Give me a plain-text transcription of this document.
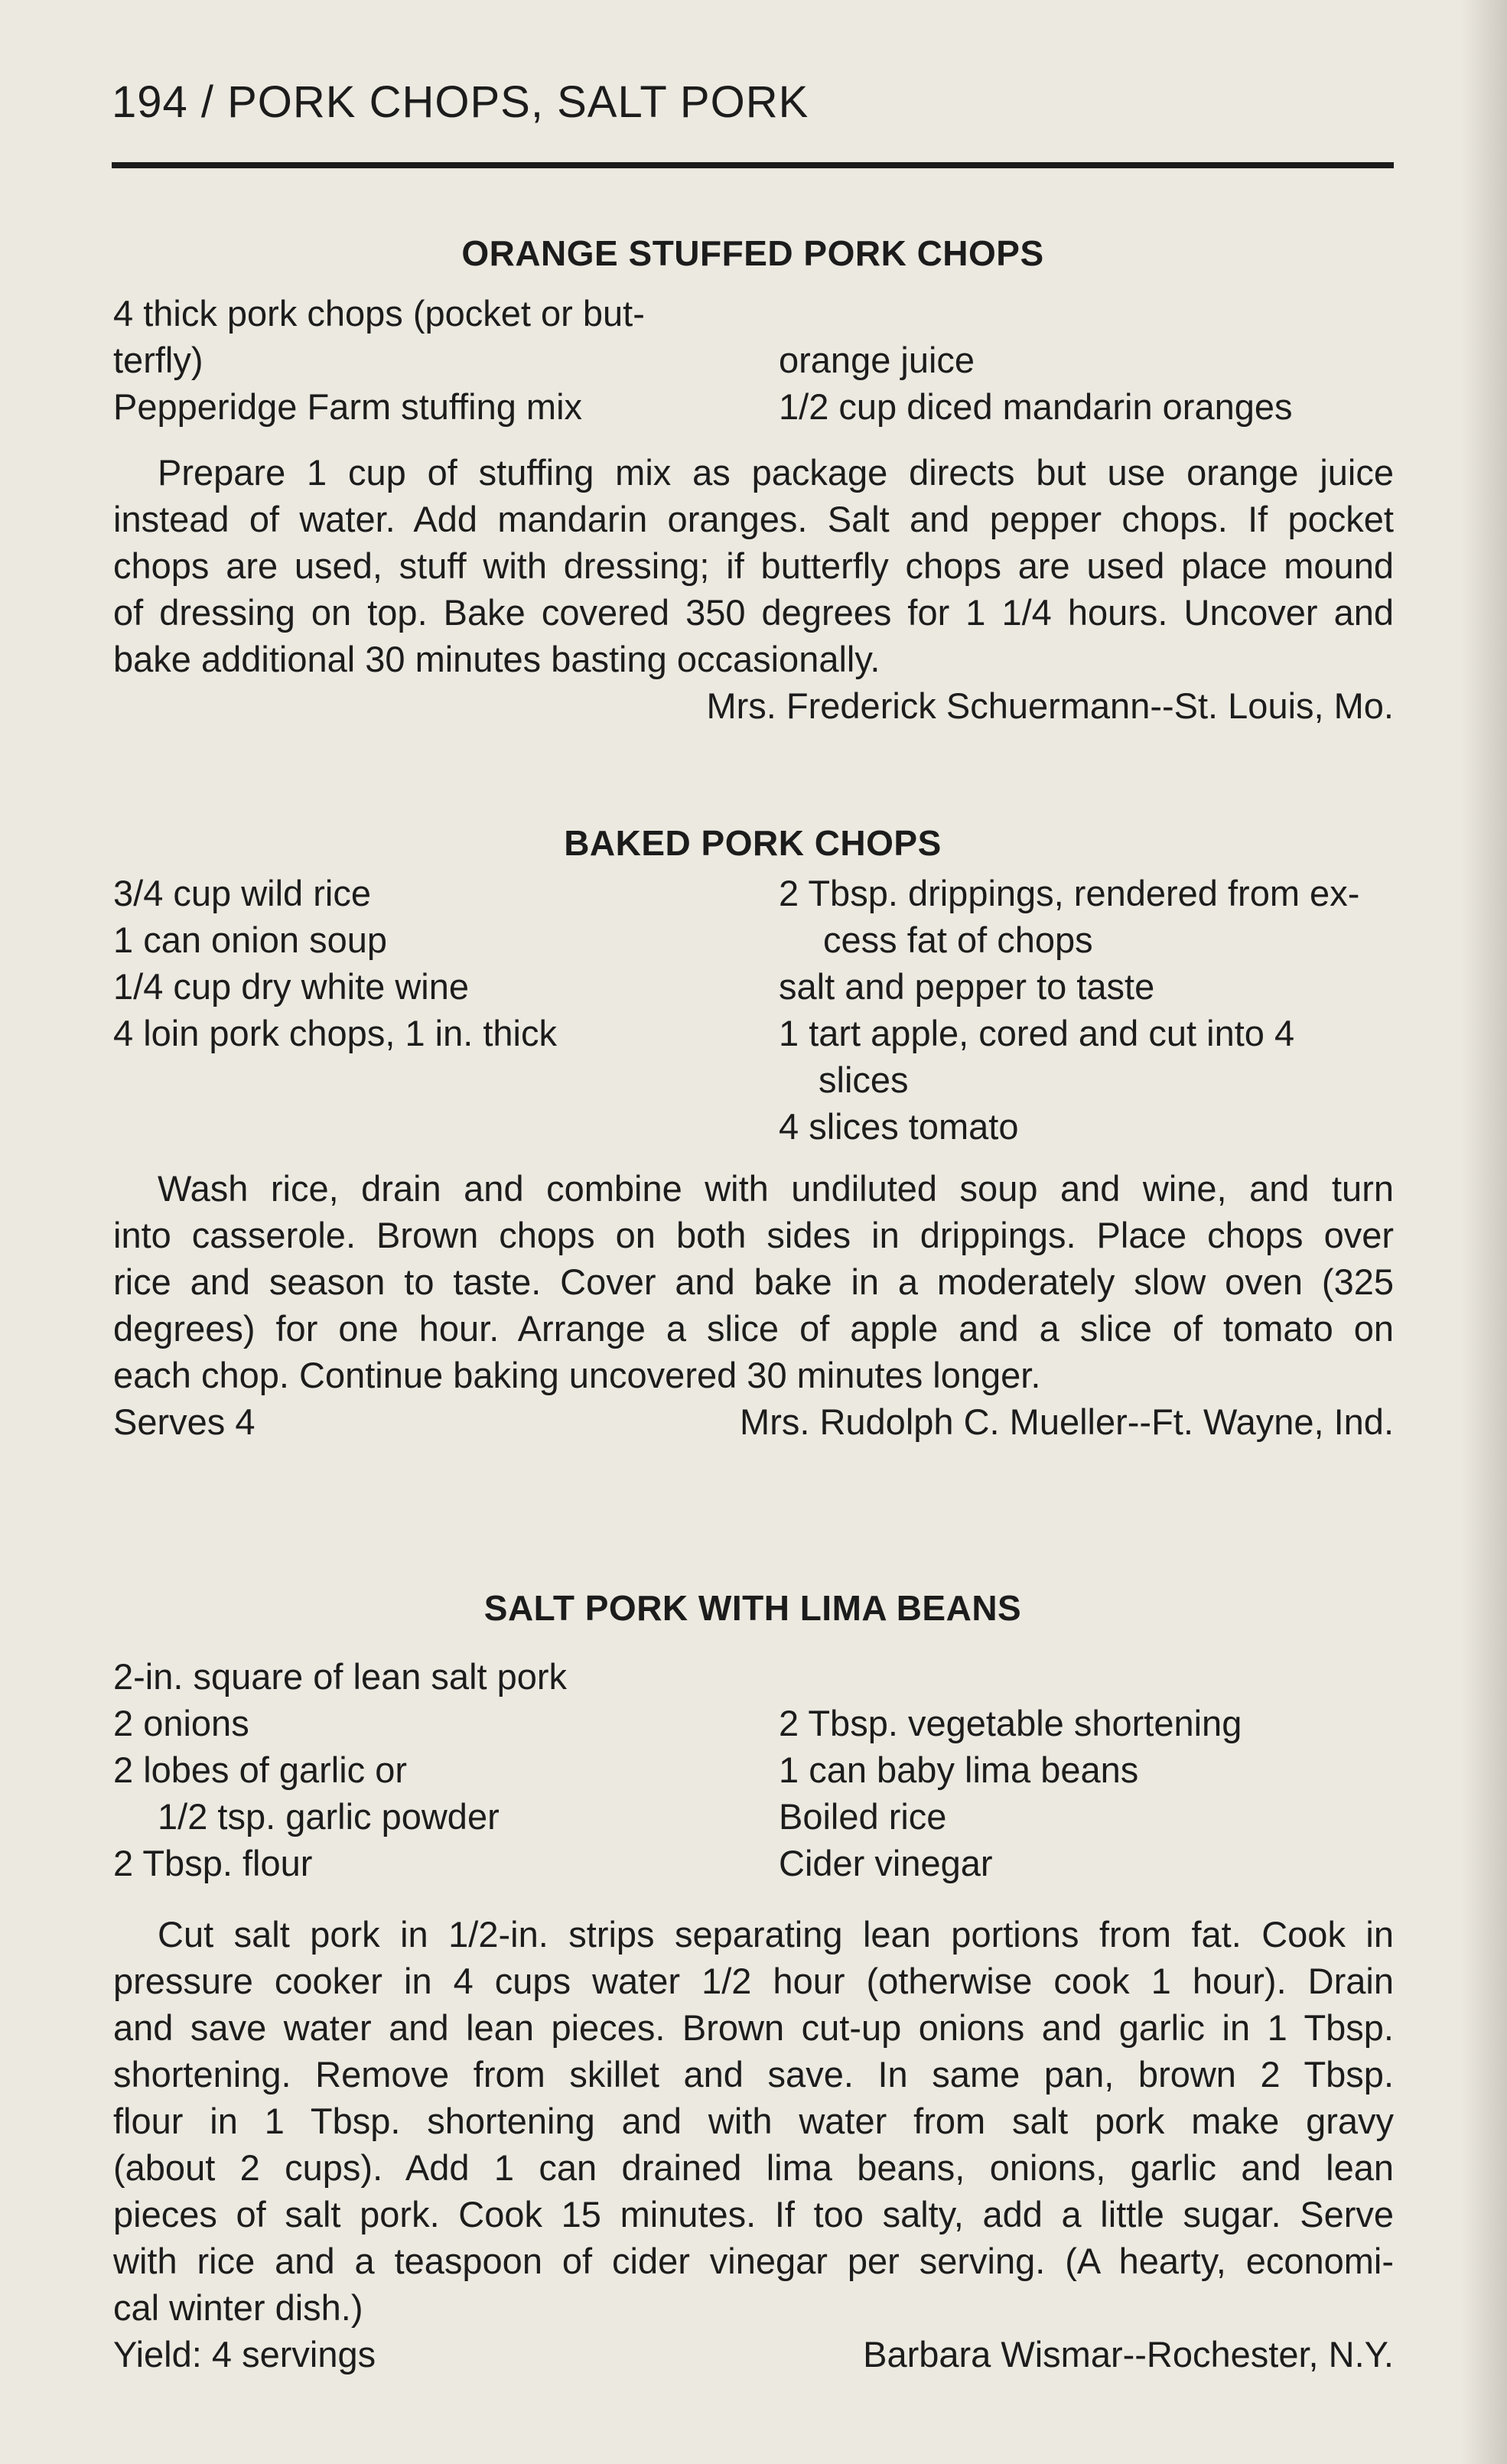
194 / PORK CHOPS, SALT PORK
ORANGE STUFFED PORK CHOPS
4 thick pork chops (pocket or but-
terfly)
Pepperidge Farm stuffing mix
orange juice
1/2 cup diced mandarin oranges
Prepare 1 cup of stuffing mix as package directs but use orange juice
instead of water. Add mandarin oranges. Salt and pepper chops. If pocket
chops are used, stuff with dressing; if butterfly chops are used place mound
of dressing on top. Bake covered 350 degrees for 1 1/4 hours. Uncover and
bake additional 30 minutes basting occasionally.
Mrs. Frederick Schuermann--St. Louis, Mo.
BAKED PORK CHOPS
3/4 cup wild rice
1 can onion soup
1/4 cup dry white wine
4 loin pork chops, 1 in. thick
2 Tbsp. drippings, rendered from ex-
cess fat of chops
salt and pepper to taste
1 tart apple, cored and cut into 4
slices
4 slices tomato
Wash rice, drain and combine with undiluted soup and wine, and turn
into casserole. Brown chops on both sides in drippings. Place chops over
rice and season to taste. Cover and bake in a moderately slow oven (325
degrees) for one hour. Arrange a slice of apple and a slice of tomato on
each chop. Continue baking uncovered 30 minutes longer.
Serves 4	Mrs. Rudolph C. Mueller--Ft. Wayne, Ind.
SALT PORK WITH LIMA BEANS
2-in. square of lean salt pork
2 onions
2 lobes of garlic or
1/2 tsp. garlic powder
2 Tbsp. flour
2 Tbsp. vegetable shortening
1 can baby lima beans
Boiled rice
Cider vinegar
Cut salt pork in 1/2-in. strips separating lean portions from fat. Cook in
pressure cooker in 4 cups water 1/2 hour (otherwise cook 1 hour). Drain
and save water and lean pieces. Brown cut-up onions and garlic in 1 Tbsp.
shortening. Remove from skillet and save. In same pan, brown 2 Tbsp.
flour in 1 Tbsp. shortening and with water from salt pork make gravy
(about 2 cups). Add 1 can drained lima beans, onions, garlic and lean
pieces of salt pork. Cook 15 minutes. If too salty, add a little sugar. Serve
with rice and a teaspoon of cider vinegar per serving. (A hearty, economi-
cal winter dish.)
Yield: 4 servings	Barbara Wismar--Rochester, N.Y.
